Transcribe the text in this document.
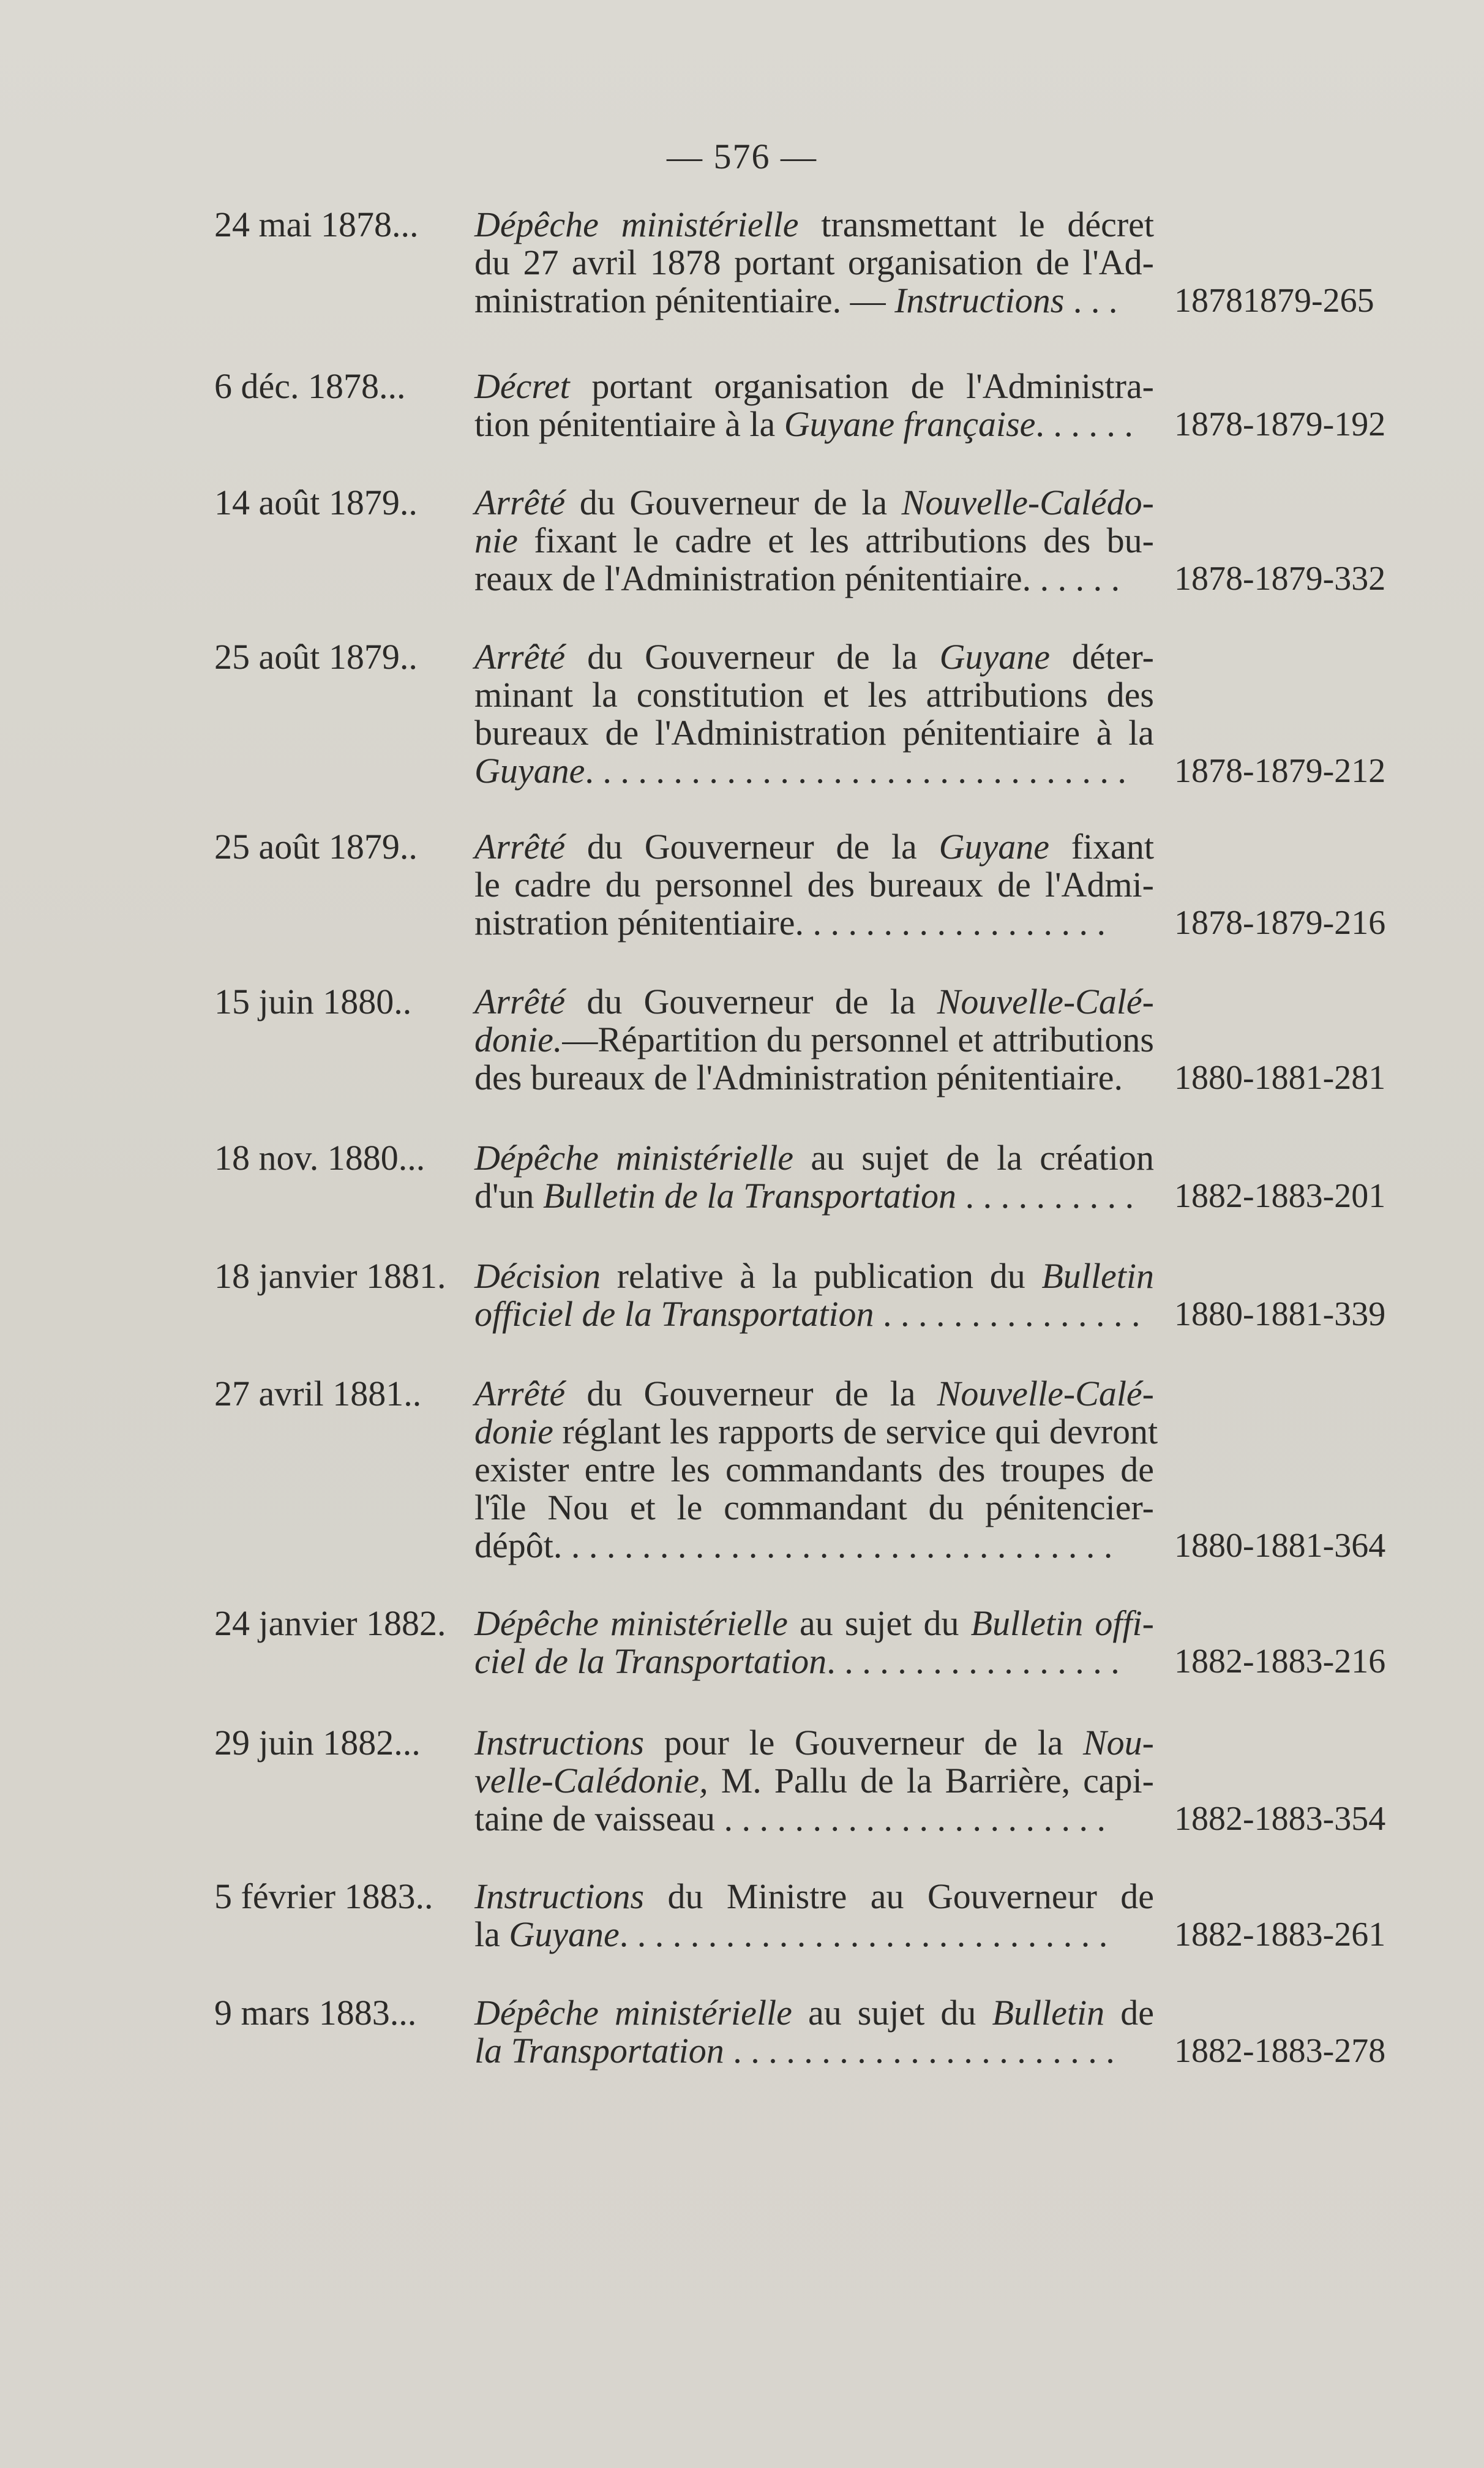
— 576 —
24 mai 1878...	Dépêche ministérielle transmettant le décret
du 27 avril 1878 portant organisation de l'Ad-
ministration pénitentiaire. — Instructions . . .	18781879-265
6 déc. 1878...	Décret portant organisation de l'Administra-
tion pénitentiaire à la Guyane française. . . . . .	1878-1879-192
14 août 1879..	Arrêté du Gouverneur de la Nouvelle-Calédo-
nie fixant le cadre et les attributions des bu-
reaux de l'Administration pénitentiaire. . . . . .	1878-1879-332
25 août 1879..	Arrêté du Gouverneur de la Guyane déter-
minant la constitution et les attributions des
bureaux de l'Administration pénitentiaire à la
Guyane. . . . . . . . . . . . . . . . . . . . . . . . . . . . . . .	1878-1879-212
25 août 1879..	Arrêté du Gouverneur de la Guyane fixant
le cadre du personnel des bureaux de l'Admi-
nistration pénitentiaire. . . . . . . . . . . . . . . . . .	1878-1879-216
15 juin 1880..	Arrêté du Gouverneur de la Nouvelle-Calé-
donie.—Répartition du personnel et attributions
des bureaux de l'Administration pénitentiaire.	1880-1881-281
18 nov. 1880...	Dépêche ministérielle au sujet de la création
d'un Bulletin de la Transportation . . . . . . . . . .	1882-1883-201
18 janvier 1881. Décision relative à la publication du Bulletin
officiel de la Transportation . . . . . . . . . . . . . . . 1880-1881-339
27 avril 1881..	Arrêté du Gouverneur de la Nouvelle-Calé-
donie réglant les rapports de service qui devront
exister entre les commandants des troupes de
l'île Nou et le commandant du pénitencier-
dépôt. . . . . . . . . . . . . . . . . . . . . . . . . . . . . . . .	1880-1881-364
24 janvier 1882. Dépêche ministérielle au sujet du Bulletin offi-
ciel de la Transportation. . . . . . . . . . . . . . . . .	1882-1883-216
29 juin 1882...	Instructions pour le Gouverneur de la Nou-
velle-Calédonie, M. Pallu de la Barrière, capi-
taine de vaisseau . . . . . . . . . . . . . . . . . . . . . .	1882-1883-354
5 février 1883..	Instructions du Ministre au Gouverneur de
la Guyane. . . . . . . . . . . . . . . . . . . . . . . . . . . .	1882-1883-261
9 mars 1883...	Dépêche ministérielle au sujet du Bulletin de
la Transportation . . . . . . . . . . . . . . . . . . . . . .	1882-1883-278
